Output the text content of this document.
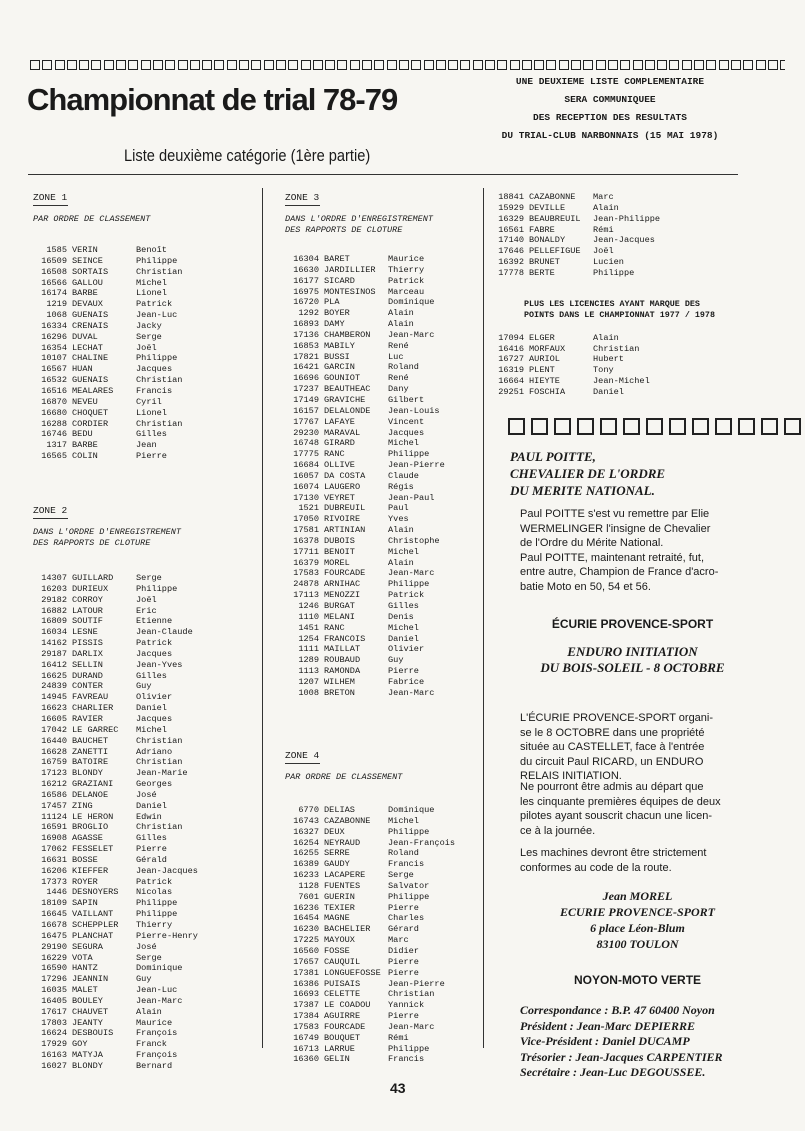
Championnat de trial 78-79
Liste deuxième catégorie (1ère partie)
UNE DEUXIEME LISTE COMPLEMENTAIRE
SERA COMMUNIQUEE
DES RECEPTION DES RESULTATS
DU TRIAL-CLUB NARBONNAIS (15 MAI 1978)
ZONE 1
PAR ORDRE DE CLASSEMENT
1585 VERIN	Benoît
16509 SEINCE	Philippe
16508 SORTAIS	Christian
16566 GALLOU	Michel
16174 BARBE	Lionel
1219 DEVAUX	Patrick
1068 GUENAIS	Jean-Luc
16334 CRENAIS	Jacky
16296 DUVAL	Serge
16354 LECHAT	Joël
10107 CHALINE	Philippe
16567 HUAN	Jacques
16532 GUENAIS	Christian
16516 MEALARES	Francis
16870 NEVEU	Cyril
16680 CHOQUET	Lionel
16288 CORDIER	Christian
16746 BEDU	Gilles
1317 BARBE	Jean
16565 COLIN	Pierre
ZONE 2
DANS L'ORDRE D'ENREGISTREMENT
DES RAPPORTS DE CLOTURE
14307 GUILLARD	Serge
16203 DURIEUX	Philippe
29182 CORROY	Joël
16882 LATOUR	Eric
16809 SOUTIF	Etienne
16034 LESNE	Jean-Claude
14162 PISSIS	Patrick
29187 DARLIX	Jacques
16412 SELLIN	Jean-Yves
16625 DURAND	Gilles
24839 CONTER	Guy
14945 FAVREAU	Olivier
16623 CHARLIER	Daniel
16605 RAVIER	Jacques
17042 LE GARREC	Michel
16440 BAUCHET	Christian
16628 ZANETTI	Adriano
16759 BATOIRE	Christian
17123 BLONDY	Jean-Marie
16212 GRAZIANI	Georges
16586 DELANOE	José
17457 ZING	Daniel
11124 LE HERON	Edwin
16591 BROGLIO	Christian
16908 AGASSE	Gilles
17062 FESSELET	Pierre
16631 BOSSE	Gérald
16206 KIEFFER	Jean-Jacques
17373 ROYER	Patrick
1446 DESNOYERS	Nicolas
18109 SAPIN	Philippe
16645 VAILLANT	Philippe
16678 SCHEPPLER	Thierry
16475 PLANCHAT	Pierre-Henry
29190 SEGURA	José
16229 VOTA	Serge
16590 HANTZ	Dominique
17296 JEANNIN	Guy
16035 MALET	Jean-Luc
16405 BOULEY	Jean-Marc
17617 CHAUVET	Alain
17803 JEANTY	Maurice
16624 DESBOUIS	François
17929 GOY	Franck
16163 MATYJA	François
16027 BLONDY	Bernard
ZONE 3
DANS L'ORDRE D'ENREGISTREMENT
DES RAPPORTS DE CLOTURE
16304 BARET	Maurice
16630 JARDILLIER	Thierry
16177 SICARD	Patrick
16975 MONTESINOS	Marceau
16720 PLA	Dominique
1292 BOYER	Alain
16893 DAMY	Alain
17136 CHAMBERON	Jean-Marc
16853 MABILY	René
17821 BUSSI	Luc
16421 GARCIN	Roland
16696 GOUNIOT	René
17237 BEAUTHEAC	Dany
17149 GRAVICHE	Gilbert
16157 DELALONDE	Jean-Louis
17767 LAFAYE	Vincent
29230 MARAVAL	Jacques
16748 GIRARD	Michel
17775 RANC	Philippe
16684 OLLIVE	Jean-Pierre
16057 DA COSTA	Claude
16074 LAUGERO	Régis
17130 VEYRET	Jean-Paul
1521 DUBREUIL	Paul
17050 RIVOIRE	Yves
17581 ARTINIAN	Alain
16378 DUBOIS	Christophe
17711 BENOIT	Michel
16379 MOREL	Alain
17583 FOURCADE	Jean-Marc
24878 ARNIHAC	Philippe
17113 MENOZZI	Patrick
1246 BURGAT	Gilles
1110 MELANI	Denis
1451 RANC	Michel
1254 FRANCOIS	Daniel
1111 MAILLAT	Olivier
1289 ROUBAUD	Guy
1113 RAMONDA	Pierre
1207 WILHEM	Fabrice
1008 BRETON	Jean-Marc
ZONE 4
PAR ORDRE DE CLASSEMENT
6770 DELIAS	Dominique
16743 CAZABONNE	Michel
16327 DEUX	Philippe
16254 NEYRAUD	Jean-François
16255 SERRE	Roland
16389 GAUDY	Francis
16233 LACAPERE	Serge
1128 FUENTES	Salvator
7601 GUERIN	Philippe
16236 TEXIER	Pierre
16454 MAGNE	Charles
16230 BACHELIER	Gérard
17225 MAYOUX	Marc
16560 FOSSE	Didier
17657 CAUQUIL	Pierre
17381 LONGUEFOSSE Pierre
16386 PUISAIS	Jean-Pierre
16693 CELETTE	Christian
17387 LE COADOU	Yannick
17384 AGUIRRE	Pierre
17583 FOURCADE	Jean-Marc
16749 BOUQUET	Rémi
16713 LARRUE	Philippe
16360 GELIN	Francis
18841 CAZABONNE	Marc
15929 DEVILLE	Alain
16329 BEAUBREUIL	Jean-Philippe
16561 FABRE	Rémi
17140 BONALDY	Jean-Jacques
17646 PELLEFIGUE	Joël
16392 BRUNET	Lucien
17778 BERTE	Philippe
PLUS LES LICENCIES AYANT MARQUE DES
POINTS DANS LE CHAMPIONNAT 1977 / 1978
17094 ELGER	Alain
16416 MORFAUX	Christian
16727 AURIOL	Hubert
16319 PLENT	Tony
16664 HIEYTE	Jean-Michel
29251 FOSCHIA	Daniel
PAUL POITTE,
CHEVALIER DE L'ORDRE
DU MERITE NATIONAL.
Paul POITTE s'est vu remettre par Elie
WERMELINGER l'insigne de Chevalier
de l'Ordre du Mérite National.
Paul POITTE, maintenant retraité, fut,
entre autre, Champion de France d'acro-
batie Moto en 50, 54 et 56.
ÉCURIE PROVENCE-SPORT
ENDURO INITIATION
DU BOIS-SOLEIL - 8 OCTOBRE
L'ÉCURIE PROVENCE-SPORT organi-
se le 8 OCTOBRE dans une propriété
située au CASTELLET, face à l'entrée
du circuit Paul RICARD, un ENDURO
RELAIS INITIATION.
Ne pourront être admis au départ que
les cinquante premières équipes de deux
pilotes ayant souscrit chacun une licen-
ce à la journée.
Les machines devront être strictement
conformes au code de la route.
Jean MOREL
ECURIE PROVENCE-SPORT
6 place Léon-Blum
83100 TOULON
NOYON-MOTO VERTE
Correspondance : B.P. 47 60400 Noyon
Président : Jean-Marc DEPIERRE
Vice-Président : Daniel DUCAMP
Trésorier : Jean-Jacques CARPENTIER
Secrétaire : Jean-Luc DEGOUSSEE.
43
